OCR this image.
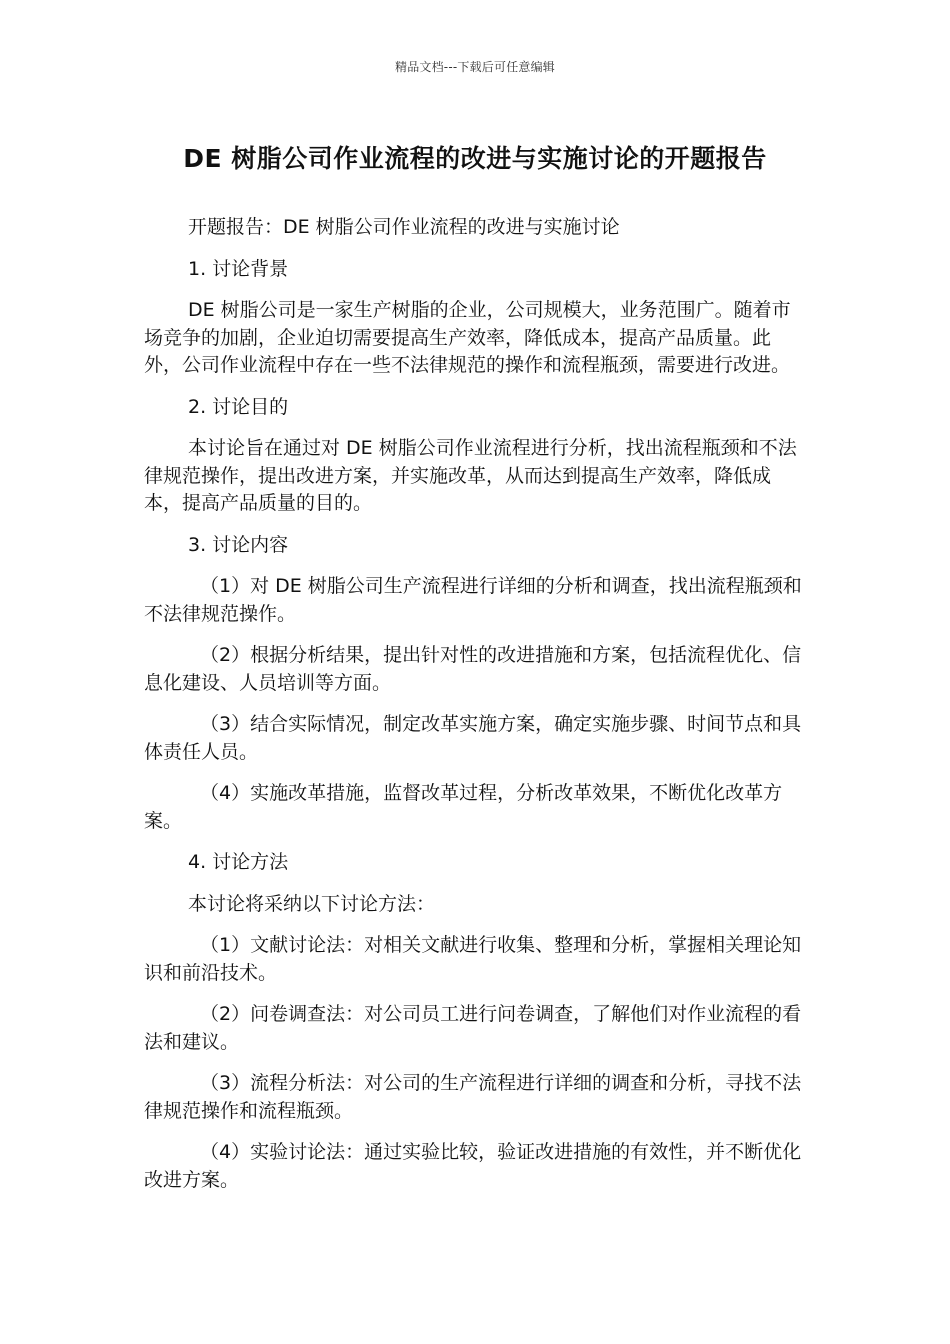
精品文档---下载后可任意编辑
DE 树脂公司作业流程的改进与实施讨论的开题报告

开题报告：DE 树脂公司作业流程的改进与实施讨论

1. 讨论背景

DE 树脂公司是一家生产树脂的企业，公司规模大，业务范围广。随着市场竞争的加剧，企业迫切需要提高生产效率，降低成本，提高产品质量。此外，公司作业流程中存在一些不法律规范的操作和流程瓶颈，需要进行改进。

2. 讨论目的

本讨论旨在通过对 DE 树脂公司作业流程进行分析，找出流程瓶颈和不法律规范操作，提出改进方案，并实施改革，从而达到提高生产效率，降低成本，提高产品质量的目的。

3. 讨论内容

（1）对 DE 树脂公司生产流程进行详细的分析和调查，找出流程瓶颈和不法律规范操作。

（2）根据分析结果，提出针对性的改进措施和方案，包括流程优化、信息化建设、人员培训等方面。

（3）结合实际情况，制定改革实施方案，确定实施步骤、时间节点和具体责任人员。

（4）实施改革措施，监督改革过程，分析改革效果，不断优化改革方案。

4. 讨论方法

本讨论将采纳以下讨论方法：

（1）文献讨论法：对相关文献进行收集、整理和分析，掌握相关理论知识和前沿技术。

（2）问卷调查法：对公司员工进行问卷调查，了解他们对作业流程的看法和建议。

（3）流程分析法：对公司的生产流程进行详细的调查和分析，寻找不法律规范操作和流程瓶颈。

（4）实验讨论法：通过实验比较，验证改进措施的有效性，并不断优化改进方案。
